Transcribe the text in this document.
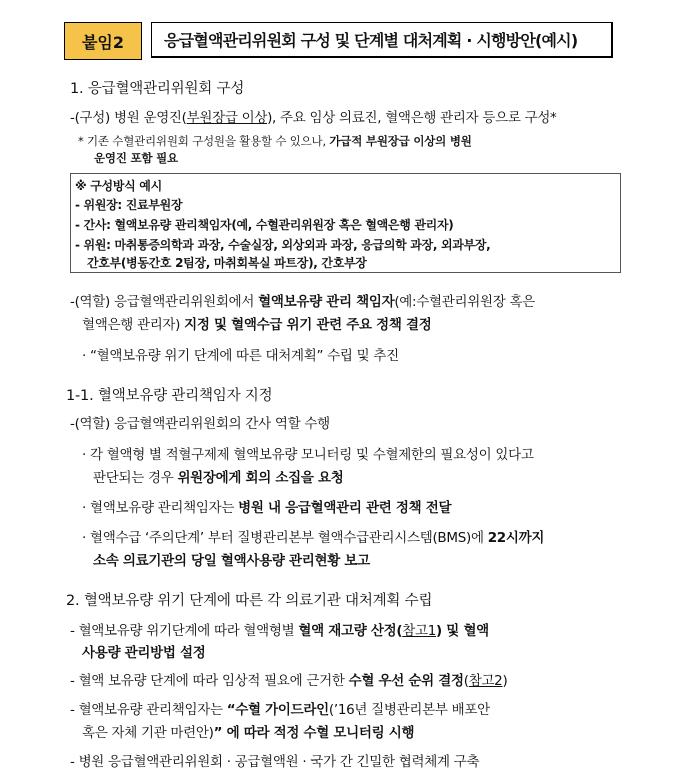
붙임2	응급혈액관리위원회 구성 및 단계별 대처계획 · 시행방안(예시)
1. 응급혈액관리위원회 구성
-(구성) 병원 운영진(부원장급 이상), 주요 임상 의료진, 혈액은행 관리자 등으로 구성*
* 기존 수혈관리위원회 구성원을 활용할 수 있으나, 가급적 부원장급 이상의 병원
운영진 포함 필요
※ 구성방식 예시
- 위원장: 진료부원장
- 간사: 혈액보유량 관리책임자(예, 수혈관리위원장 혹은 혈액은행 관리자)
- 위원: 마취통증의학과 과장, 수술실장, 외상외과 과장, 응급의학 과장, 외과부장,
간호부(병동간호 2팀장, 마취회복실 파트장), 간호부장
-(역할) 응급혈액관리위원회에서 혈액보유량 관리 책임자(예:수혈관리위원장 혹은
혈액은행 관리자) 지정 및 혈액수급 위기 관련 주요 정책 결정
· “혈액보유량 위기 단계에 따른 대처계획” 수립 및 추진
1-1. 혈액보유량 관리책임자 지정
-(역할) 응급혈액관리위원회의 간사 역할 수행
· 각 혈액형 별 적혈구제제 혈액보유량 모니터링 및 수혈제한의 필요성이 있다고
판단되는 경우 위원장에게 회의 소집을 요청
· 혈액보유량 관리책임자는 병원 내 응급혈액관리 관련 정책 전달
· 혈액수급 ‘주의단계’ 부터 질병관리본부 혈액수급관리시스템(BMS)에 22시까지
소속 의료기관의 당일 혈액사용량 관리현황 보고
2. 혈액보유량 위기 단계에 따른 각 의료기관 대처계획 수립
- 혈액보유량 위기단계에 따라 혈액형별 혈액 재고량 산정(참고1) 및 혈액
사용량 관리방법 설정
- 혈액 보유량 단계에 따라 임상적 필요에 근거한 수혈 우선 순위 결정(참고2)
- 혈액보유량 관리책임자는 “수혈 가이드라인(’16년 질병관리본부 배포안
혹은 자체 기관 마련안)” 에 따라 적정 수혈 모니터링 시행
- 병원 응급혈액관리위원회 · 공급혈액원 · 국가 간 긴밀한 협력체계 구축
